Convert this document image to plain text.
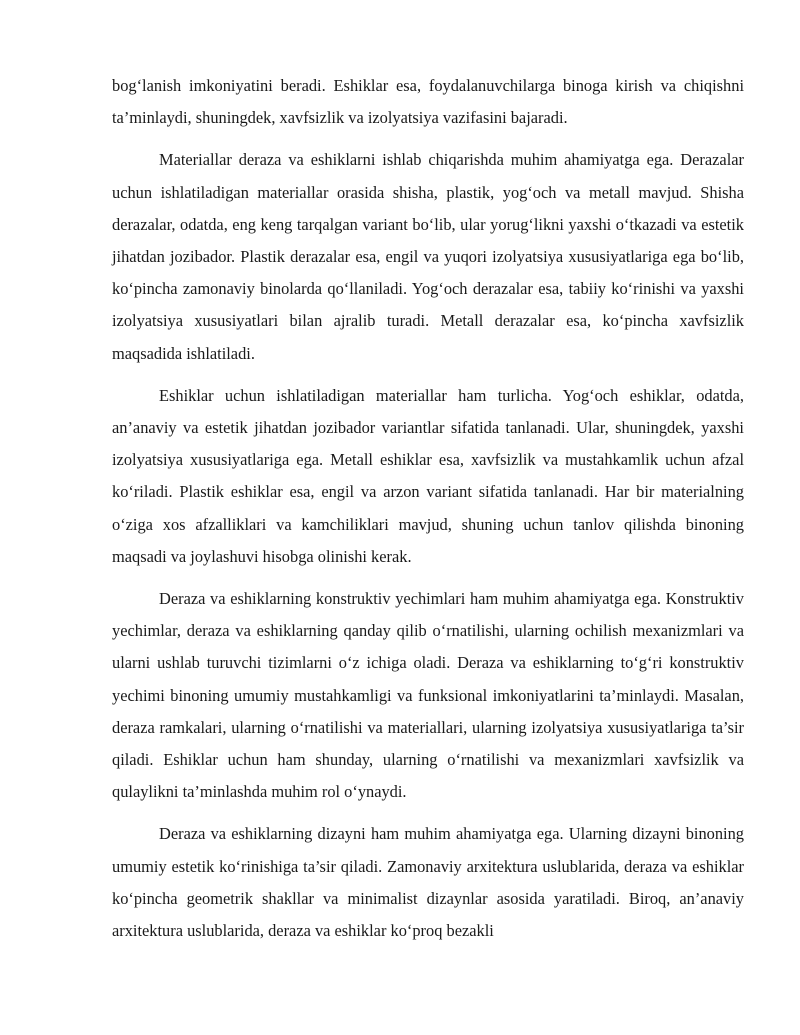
bog‘lanish imkoniyatini beradi. Eshiklar esa, foydalanuvchilarga binoga kirish va chiqishni ta’minlaydi, shuningdek, xavfsizlik va izolyatsiya vazifasini bajaradi.

Materiallar deraza va eshiklarni ishlab chiqarishda muhim ahamiyatga ega. Derazalar uchun ishlatiladigan materiallar orasida shisha, plastik, yog‘och va metall mavjud. Shisha derazalar, odatda, eng keng tarqalgan variant bo‘lib, ular yorug‘likni yaxshi o‘tkazadi va estetik jihatdan jozibador. Plastik derazalar esa, engil va yuqori izolyatsiya xususiyatlariga ega bo‘lib, ko‘pincha zamonaviy binolarda qo‘llaniladi. Yog‘och derazalar esa, tabiiy ko‘rinishi va yaxshi izolyatsiya xususiyatlari bilan ajralib turadi. Metall derazalar esa, ko‘pincha xavfsizlik maqsadida ishlatiladi.

Eshiklar uchun ishlatiladigan materiallar ham turlicha. Yog‘och eshiklar, odatda, an’anaviy va estetik jihatdan jozibador variantlar sifatida tanlanadi. Ular, shuningdek, yaxshi izolyatsiya xususiyatlariga ega. Metall eshiklar esa, xavfsizlik va mustahkamlik uchun afzal ko‘riladi. Plastik eshiklar esa, engil va arzon variant sifatida tanlanadi. Har bir materialning o‘ziga xos afzalliklari va kamchiliklari mavjud, shuning uchun tanlov qilishda binoning maqsadi va joylashuvi hisobga olinishi kerak.

Deraza va eshiklarning konstruktiv yechimlari ham muhim ahamiyatga ega. Konstruktiv yechimlar, deraza va eshiklarning qanday qilib o‘rnatilishi, ularning ochilish mexanizmlari va ularni ushlab turuvchi tizimlarni o‘z ichiga oladi. Deraza va eshiklarning to‘g‘ri konstruktiv yechimi binoning umumiy mustahkamligi va funksional imkoniyatlarini ta’minlaydi. Masalan, deraza ramkalari, ularning o‘rnatilishi va materiallari, ularning izolyatsiya xususiyatlariga ta’sir qiladi. Eshiklar uchun ham shunday, ularning o‘rnatilishi va mexanizmlari xavfsizlik va qulaylikni ta’minlashda muhim rol o‘ynaydi.

Deraza va eshiklarning dizayni ham muhim ahamiyatga ega. Ularning dizayni binoning umumiy estetik ko‘rinishiga ta’sir qiladi. Zamonaviy arxitektura uslublarida, deraza va eshiklar ko‘pincha geometrik shakllar va minimalist dizaynlar asosida yaratiladi. Biroq, an’anaviy arxitektura uslublarida, deraza va eshiklar ko‘proq bezakli
